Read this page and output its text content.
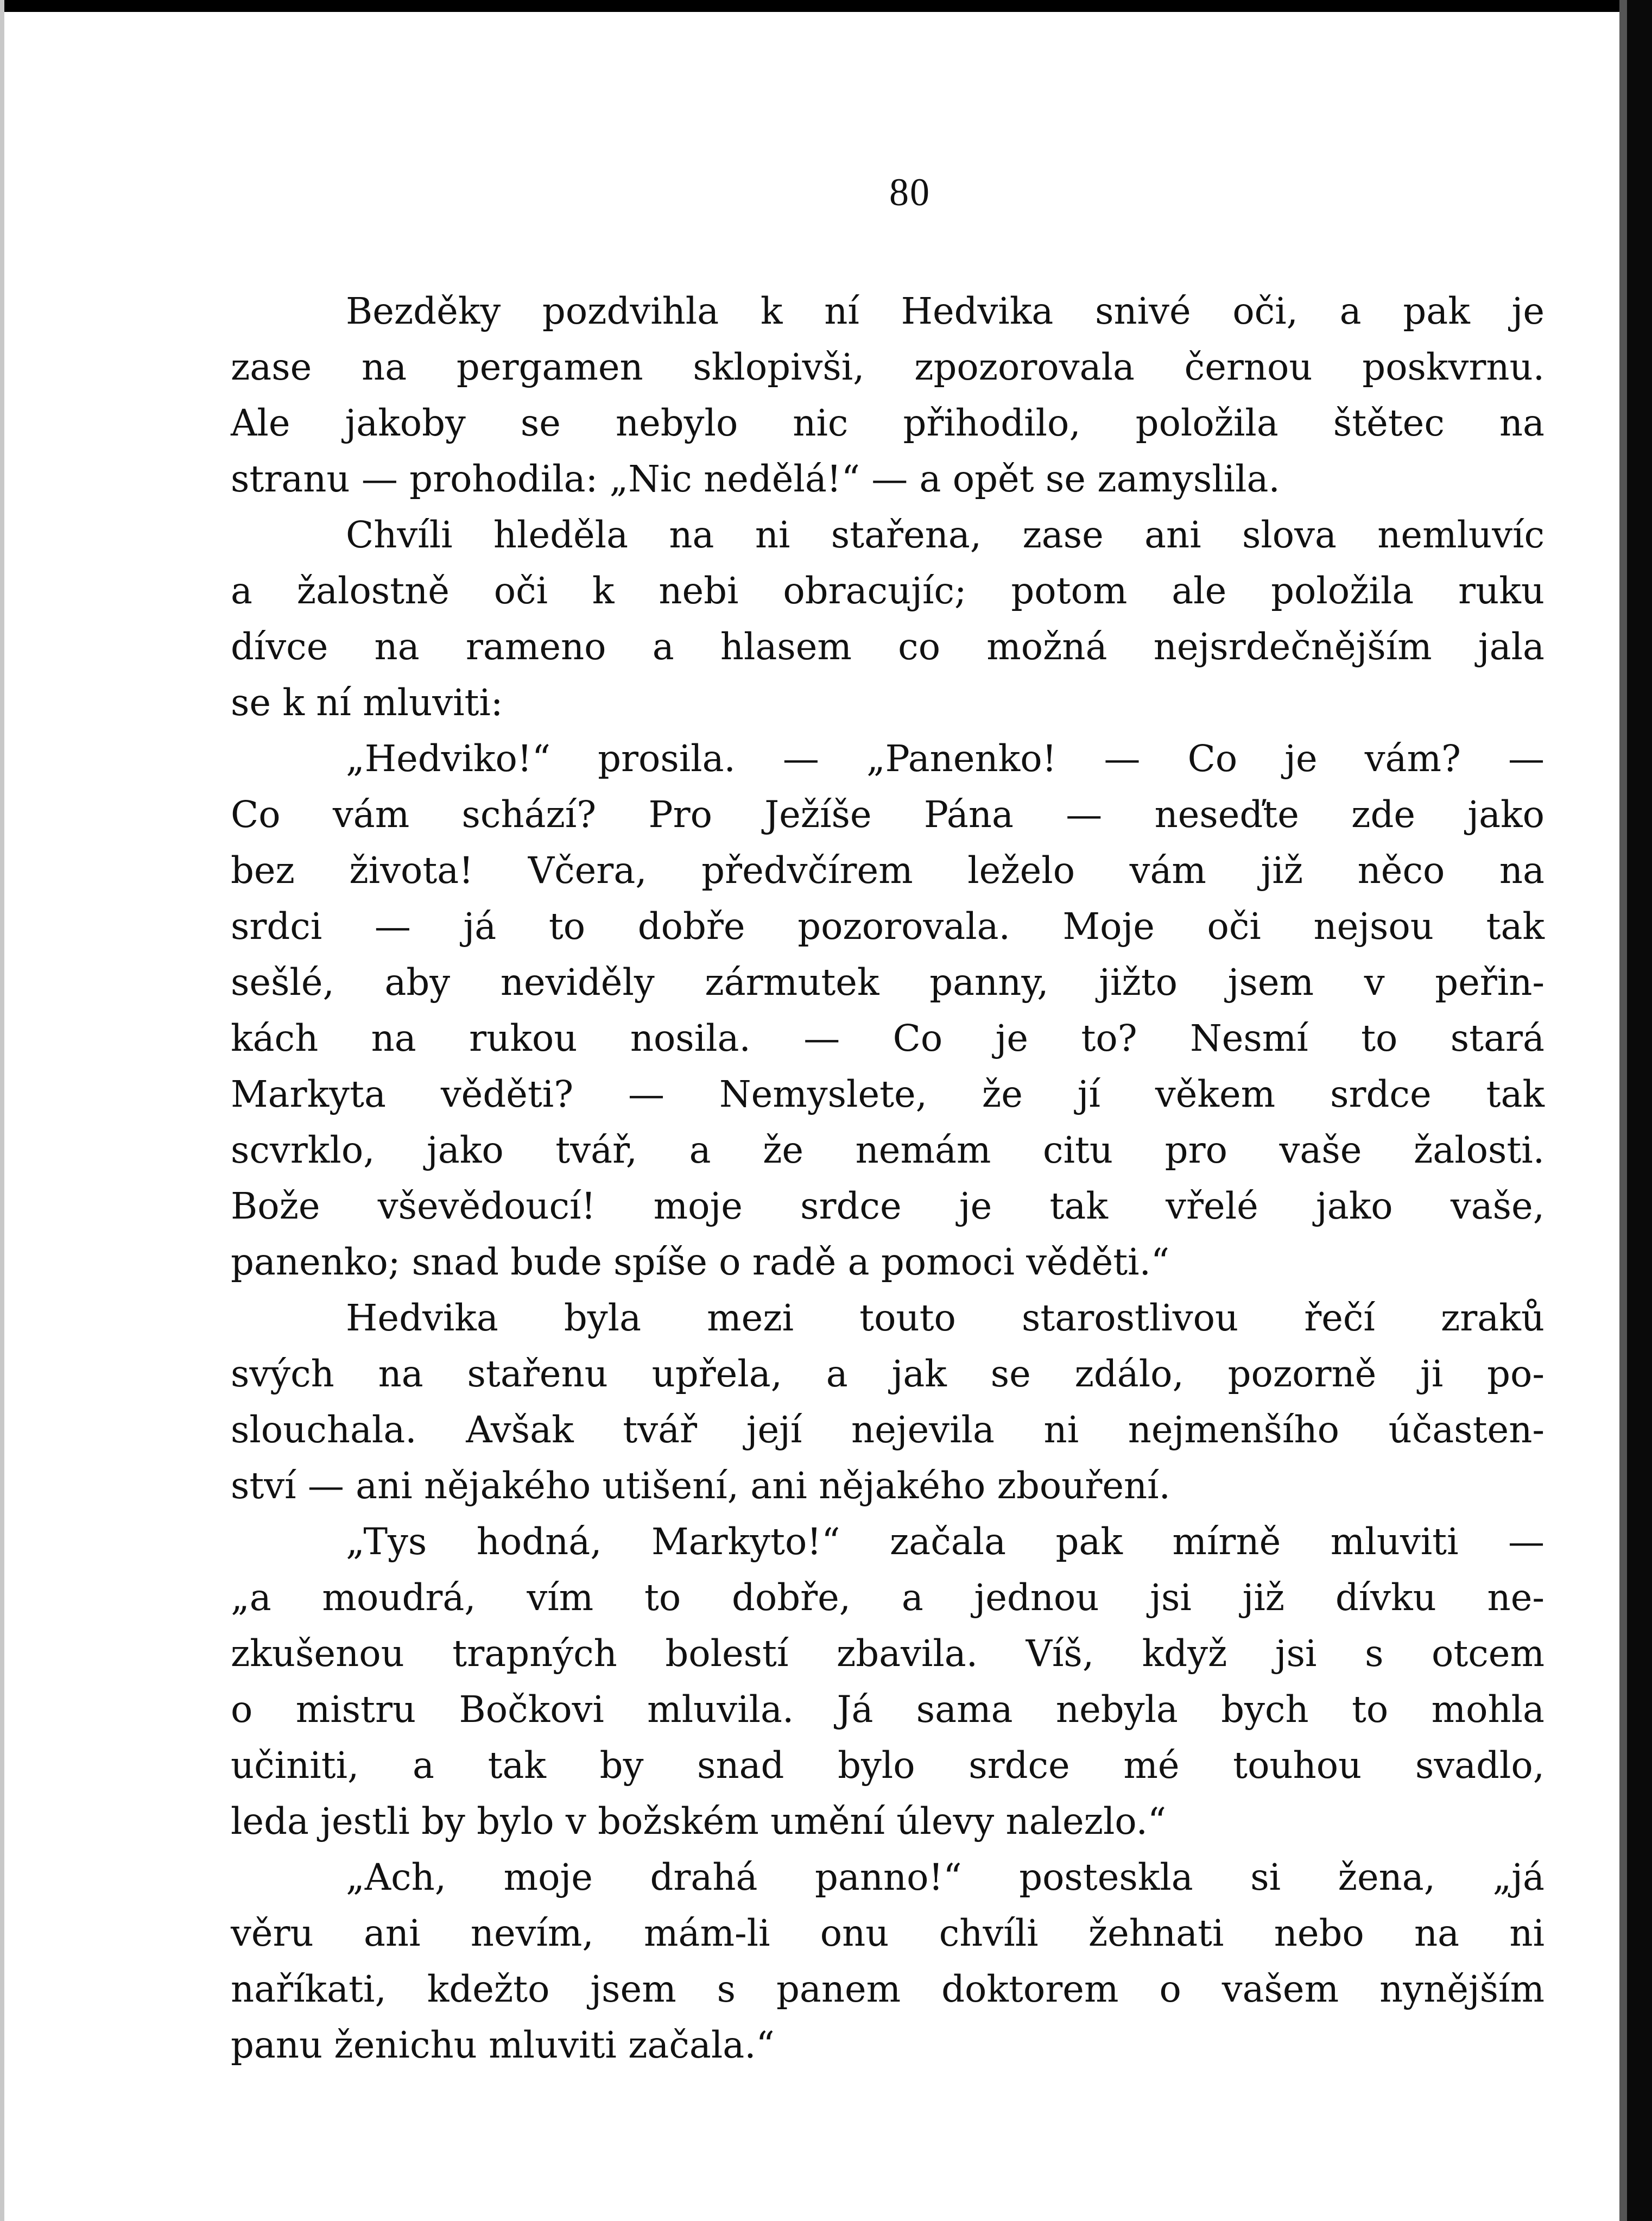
80
Bezděky pozdvihla k ní Hedvika snivé oči, a pak je
zase na pergamen sklopivši, zpozorovala černou poskvrnu.
Ale jakoby se nebylo nic přihodilo, položila štětec na
stranu — prohodila: „Nic nedělá!“ — a opět se zamyslila.
Chvíli hleděla na ni stařena, zase ani slova nemluvíc
a žalostně oči k nebi obracujíc; potom ale položila ruku
dívce na rameno a hlasem co možná nejsrdečnějším jala
se k ní mluviti:
„Hedviko!“ prosila. — „Panenko! — Co je vám? —
Co vám schází? Pro Ježíše Pána — neseďte zde jako
bez života! Včera, předvčírem leželo vám již něco na
srdci — já to dobře pozorovala. Moje oči nejsou tak
sešlé, aby neviděly zármutek panny, jižto jsem v peřin-
kách na rukou nosila. — Co je to? Nesmí to stará
Markyta věděti? — Nemyslete, že jí věkem srdce tak
scvrklo, jako tvář, a že nemám citu pro vaše žalosti.
Bože vševědoucí! moje srdce je tak vřelé jako vaše,
panenko; snad bude spíše o radě a pomoci věděti.“
Hedvika byla mezi touto starostlivou řečí zraků
svých na stařenu upřela, a jak se zdálo, pozorně ji po-
slouchala. Avšak tvář její nejevila ni nejmenšího účasten-
ství — ani nějakého utišení, ani nějakého zbouření.
„Tys hodná, Markyto!“ začala pak mírně mluviti —
„a moudrá, vím to dobře, a jednou jsi již dívku ne-
zkušenou trapných bolestí zbavila. Víš, když jsi s otcem
o mistru Bočkovi mluvila. Já sama nebyla bych to mohla
učiniti, a tak by snad bylo srdce mé touhou svadlo,
leda jestli by bylo v božském umění úlevy nalezlo.“
„Ach, moje drahá panno!“ posteskla si žena, „já
věru ani nevím, mám-li onu chvíli žehnati nebo na ni
naříkati, kdežto jsem s panem doktorem o vašem nynějším
panu ženichu mluviti začala.“
